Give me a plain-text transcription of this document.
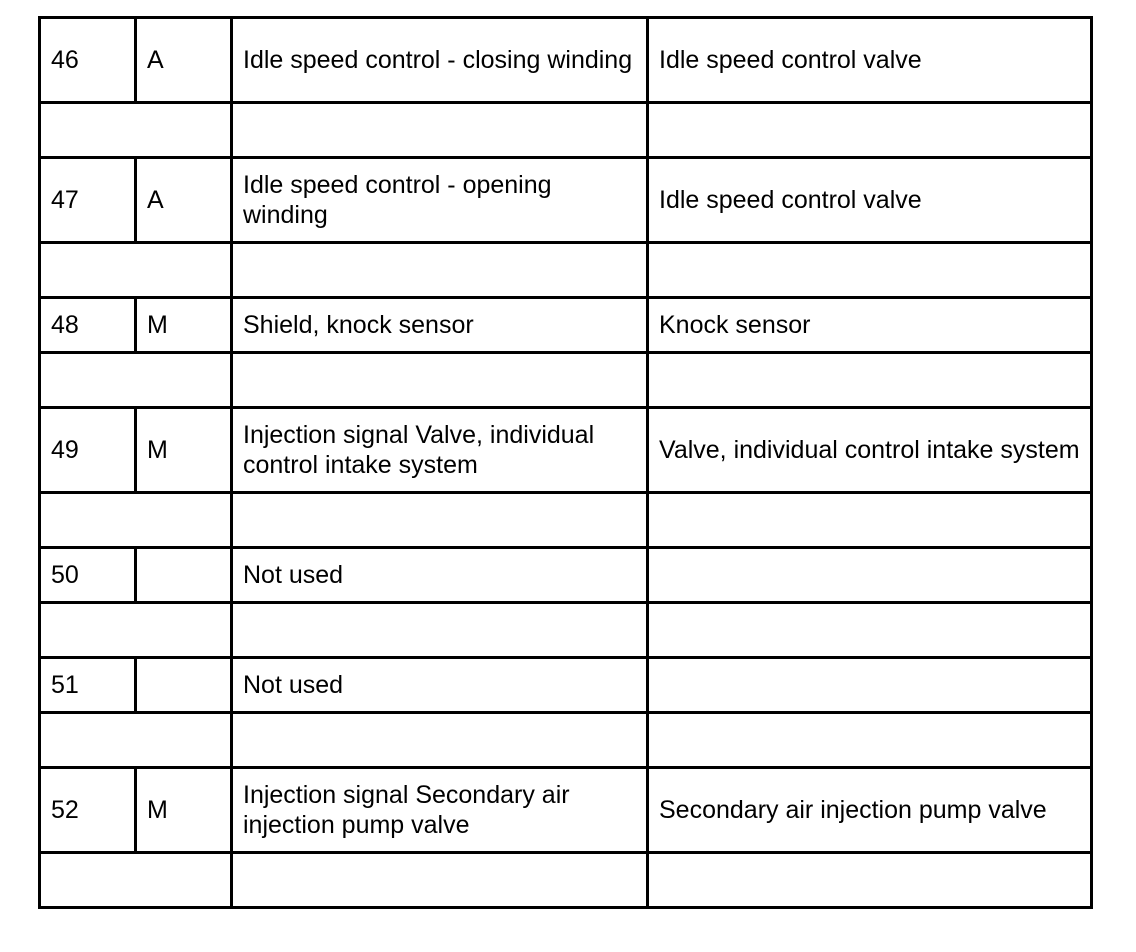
46	A	Idle speed control - closing winding	Idle speed control valve

47	A	Idle speed control - opening winding	Idle speed control valve

48	M	Shield, knock sensor	Knock sensor

49	M	Injection signal Valve, individual control intake system	Valve, individual control intake system

50		Not used	

51		Not used	

52	M	Injection signal Secondary air injection pump valve	Secondary air injection pump valve
